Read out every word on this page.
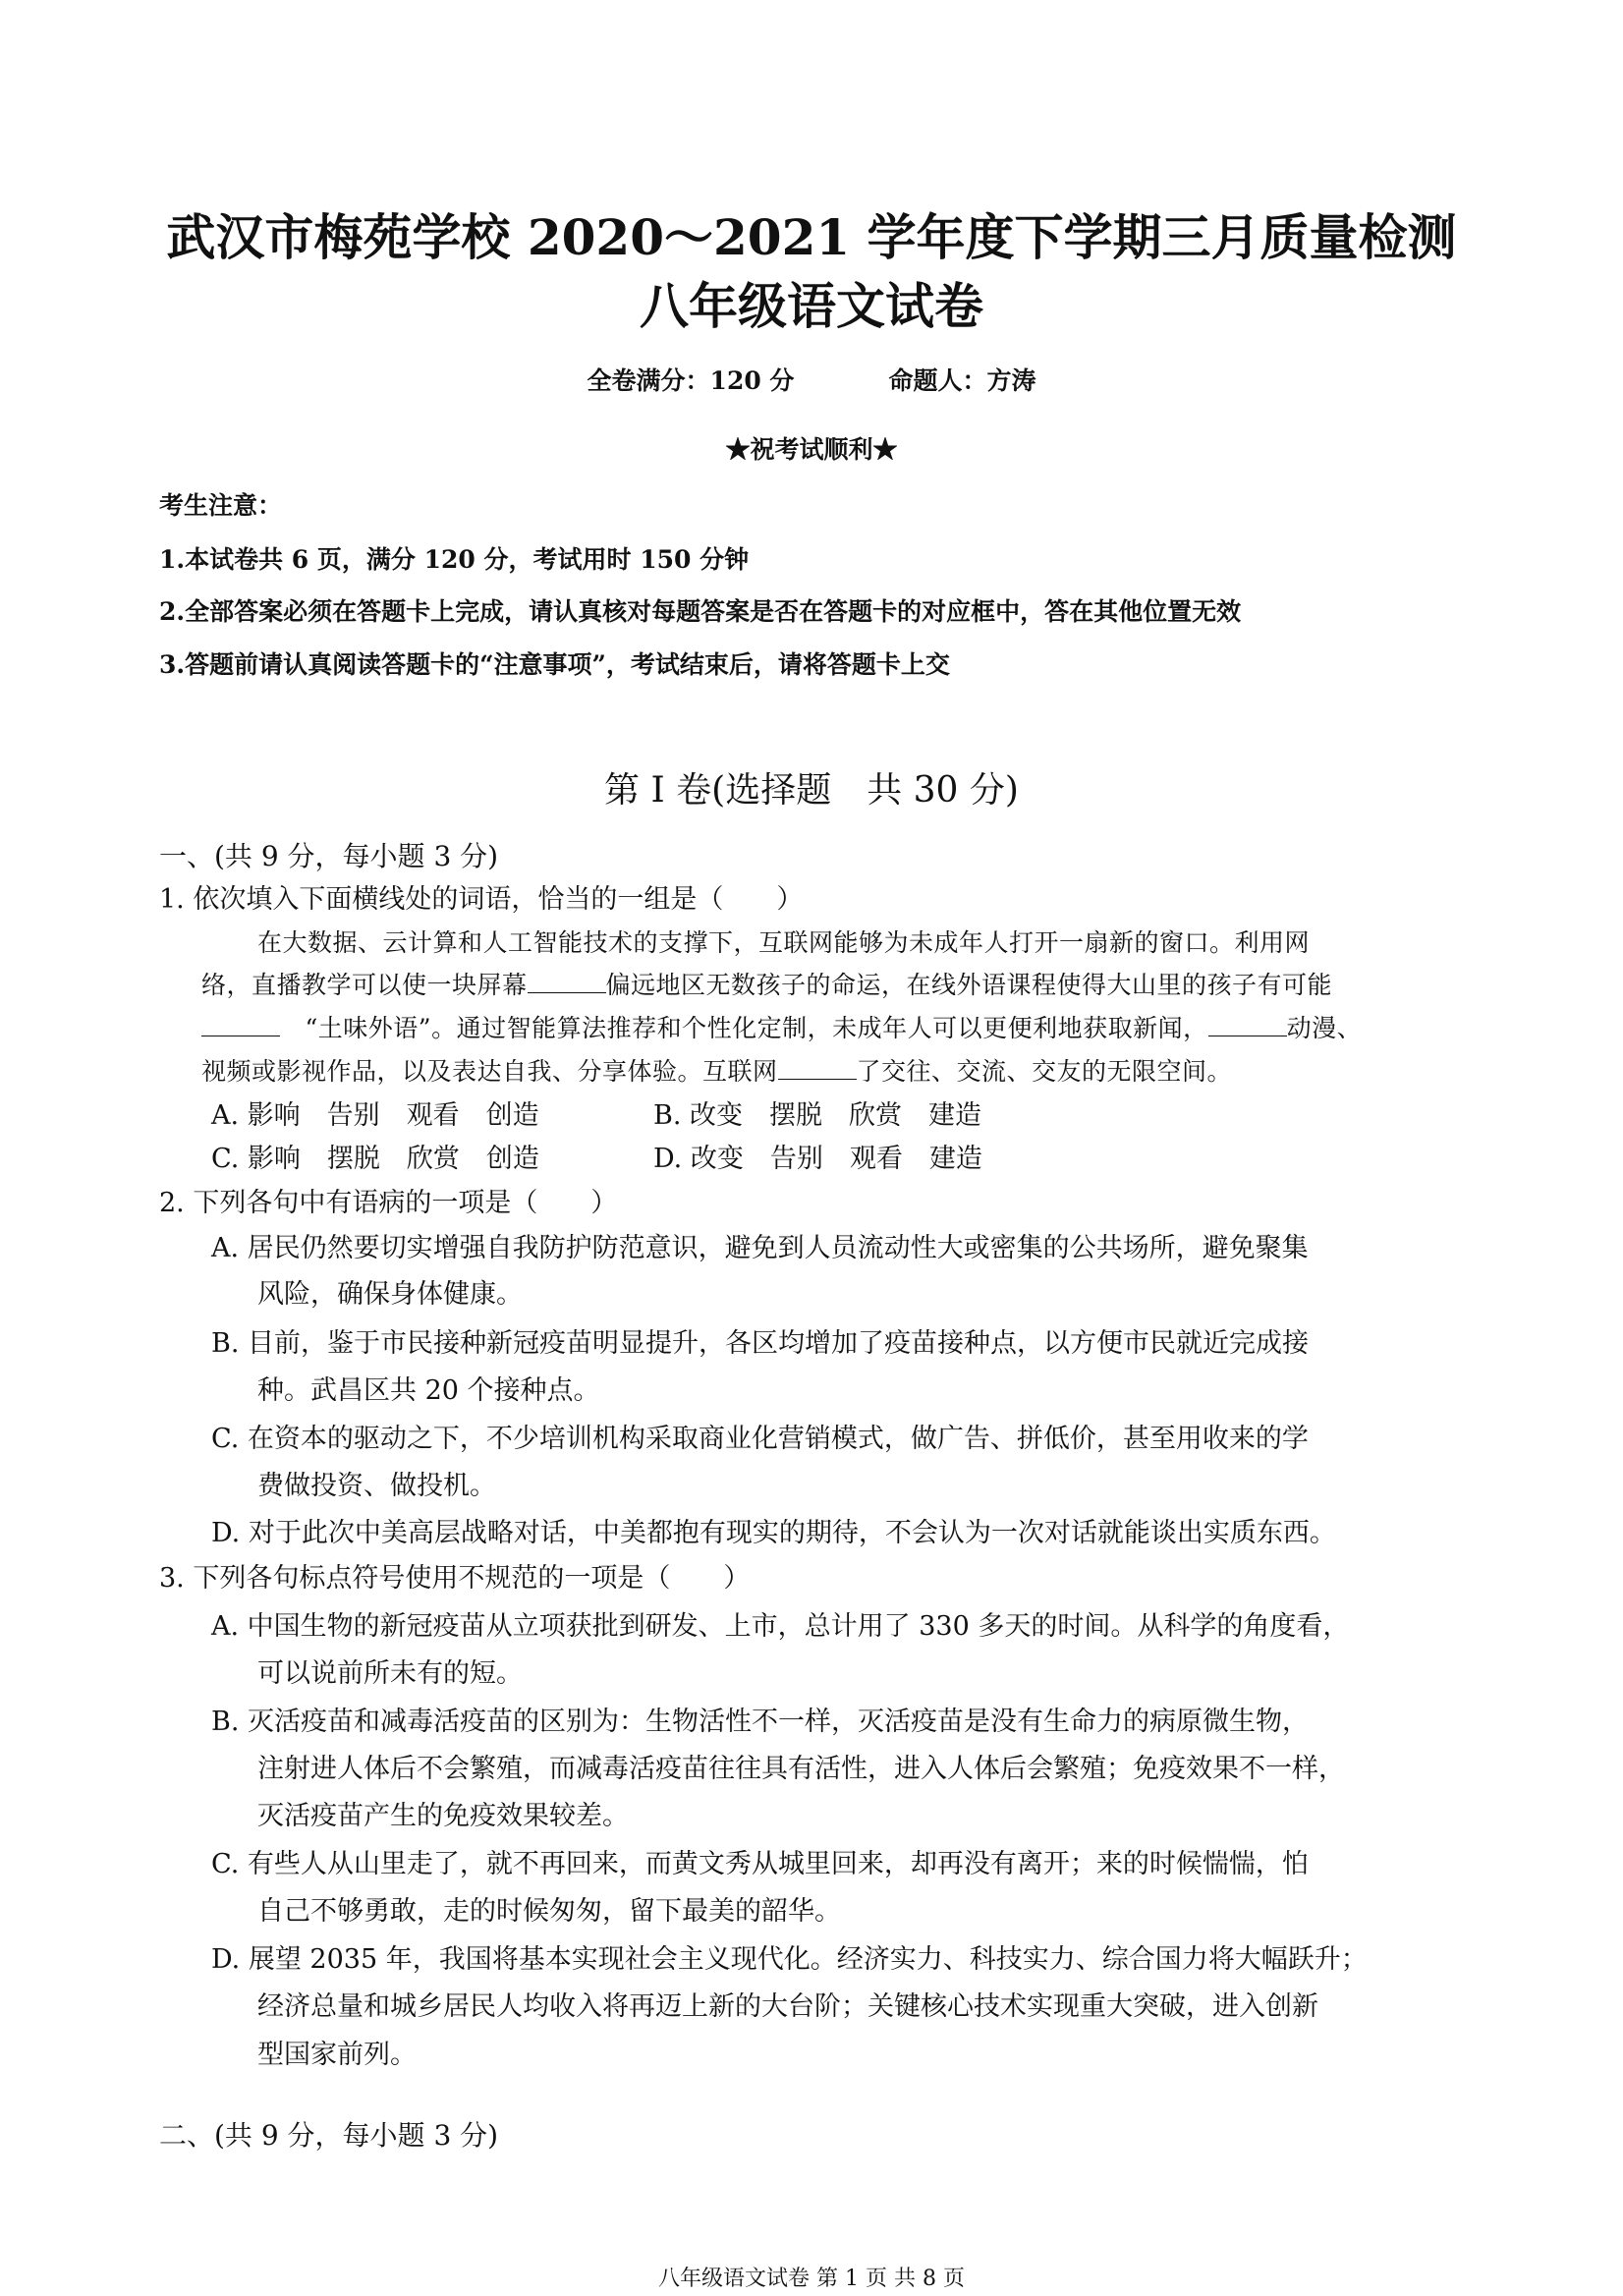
武汉市梅苑学校 2020～2021 学年度下学期三月质量检测
八年级语文试卷
全卷满分：120 分	命题人：方涛
★祝考试顺利★
考生注意：
1.本试卷共 6 页，满分 120 分，考试用时 150 分钟
2.全部答案必须在答题卡上完成，请认真核对每题答案是否在答题卡的对应框中，答在其他位置无效
3.答题前请认真阅读答题卡的“注意事项”，考试结束后，请将答题卡上交
第 I 卷(选择题　共 30 分)
一、(共 9 分，每小题 3 分)
1. 依次填入下面横线处的词语，恰当的一组是（　　）
在大数据、云计算和人工智能技术的支撑下，互联网能够为未成年人打开一扇新的窗口。利用网
络，直播教学可以使一块屏幕	偏远地区无数孩子的命运，在线外语课程使得大山里的孩子有可能
　“土味外语”。通过智能算法推荐和个性化定制，未成年人可以更便利地获取新闻，	动漫、
视频或影视作品，以及表达自我、分享体验。互联网	了交往、交流、交友的无限空间。
A. 影响　告别　观看　创造	B. 改变　摆脱　欣赏　建造
C. 影响　摆脱　欣赏　创造	D. 改变　告别　观看　建造
2. 下列各句中有语病的一项是（　　）
A. 居民仍然要切实增强自我防护防范意识，避免到人员流动性大或密集的公共场所，避免聚集
风险，确保身体健康。
B. 目前，鉴于市民接种新冠疫苗明显提升，各区均增加了疫苗接种点，以方便市民就近完成接
种。武昌区共 20 个接种点。
C. 在资本的驱动之下，不少培训机构采取商业化营销模式，做广告、拼低价，甚至用收来的学
费做投资、做投机。
D. 对于此次中美高层战略对话，中美都抱有现实的期待，不会认为一次对话就能谈出实质东西。
3. 下列各句标点符号使用不规范的一项是（　　）
A. 中国生物的新冠疫苗从立项获批到研发、上市，总计用了 330 多天的时间。从科学的角度看，
可以说前所未有的短。
B. 灭活疫苗和减毒活疫苗的区别为：生物活性不一样，灭活疫苗是没有生命力的病原微生物，
注射进人体后不会繁殖，而减毒活疫苗往往具有活性，进入人体后会繁殖；免疫效果不一样，
灭活疫苗产生的免疫效果较差。
C. 有些人从山里走了，就不再回来，而黄文秀从城里回来，却再没有离开；来的时候惴惴，怕
自己不够勇敢，走的时候匆匆，留下最美的韶华。
D. 展望 2035 年，我国将基本实现社会主义现代化。经济实力、科技实力、综合国力将大幅跃升；
经济总量和城乡居民人均收入将再迈上新的大台阶；关键核心技术实现重大突破，进入创新
型国家前列。
二、(共 9 分，每小题 3 分)
八年级语文试卷 第 1 页 共 8 页
